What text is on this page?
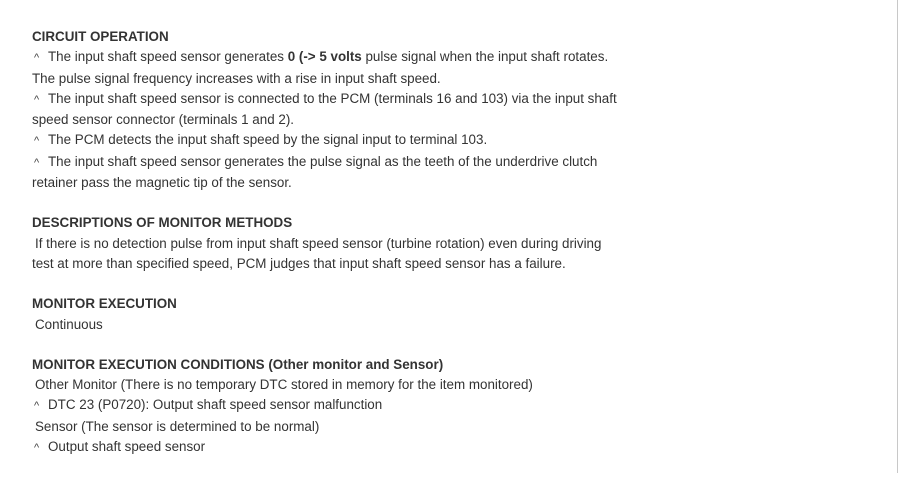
CIRCUIT OPERATION
^ The input shaft speed sensor generates 0 (-> 5 volts pulse signal when the input shaft rotates.
The pulse signal frequency increases with a rise in input shaft speed.
^ The input shaft speed sensor is connected to the PCM (terminals 16 and 103) via the input shaft
speed sensor connector (terminals 1 and 2).
^ The PCM detects the input shaft speed by the signal input to terminal 103.
^ The input shaft speed sensor generates the pulse signal as the teeth of the underdrive clutch
retainer pass the magnetic tip of the sensor.
DESCRIPTIONS OF MONITOR METHODS
If there is no detection pulse from input shaft speed sensor (turbine rotation) even during driving
test at more than specified speed, PCM judges that input shaft speed sensor has a failure.
MONITOR EXECUTION
Continuous
MONITOR EXECUTION CONDITIONS (Other monitor and Sensor)
Other Monitor (There is no temporary DTC stored in memory for the item monitored)
^ DTC 23 (P0720): Output shaft speed sensor malfunction
Sensor (The sensor is determined to be normal)
^ Output shaft speed sensor
